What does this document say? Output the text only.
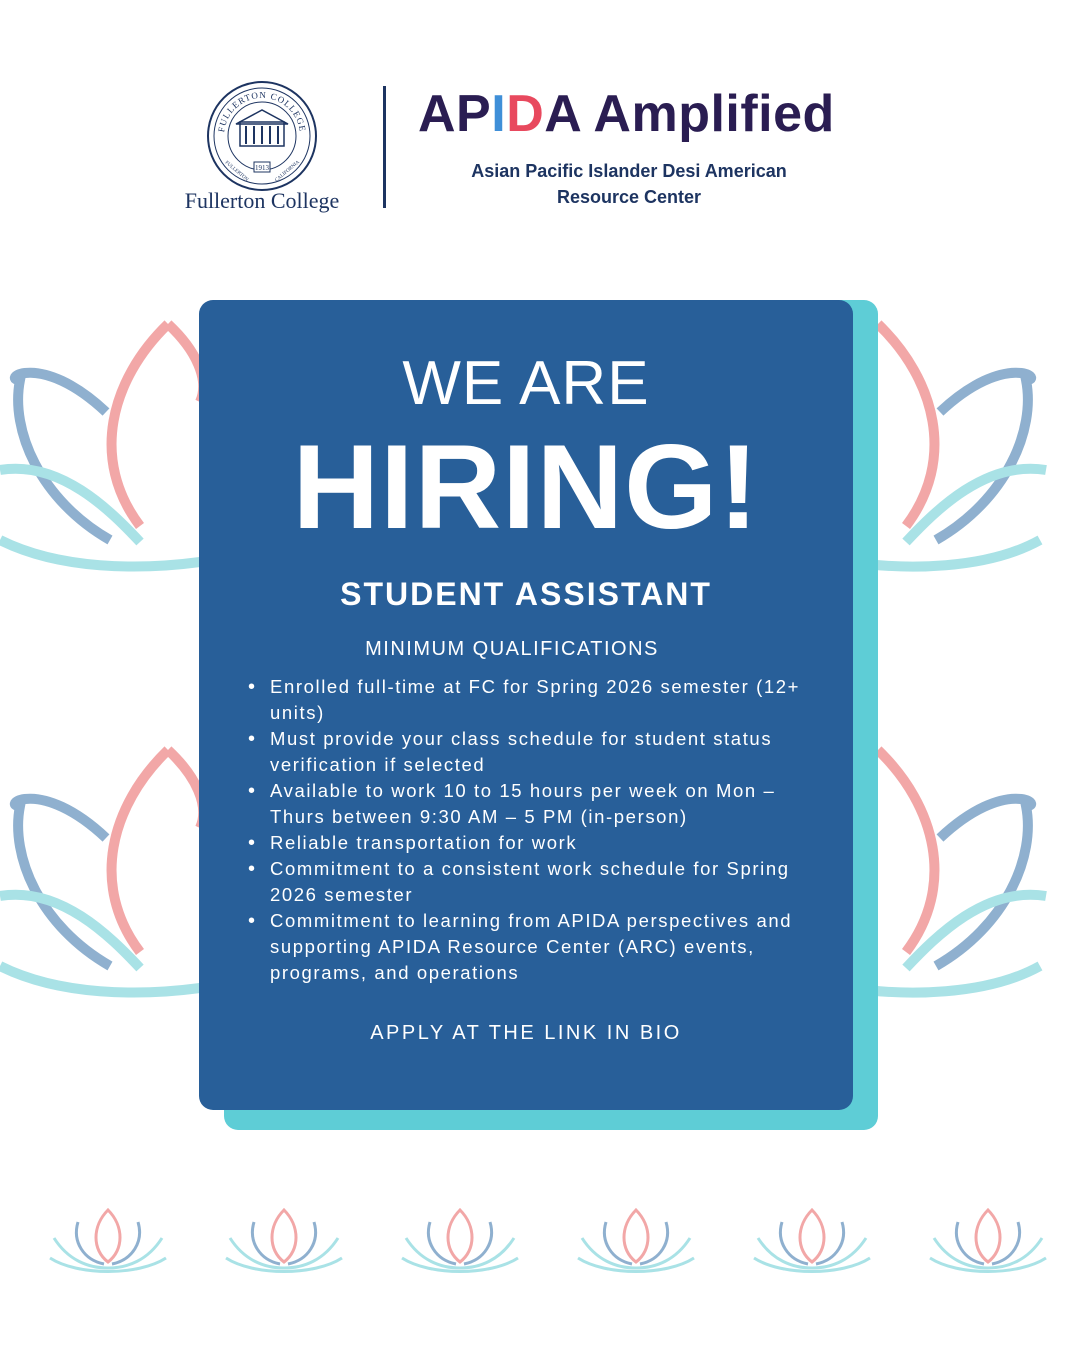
FULLERTON COLLEGE
1913
FULLERTON	CALIFORNIA
Fullerton College
APIDA Amplified
Asian Pacific Islander Desi American
Resource Center
WE ARE
HIRING!
STUDENT ASSISTANT
MINIMUM QUALIFICATIONS
• Enrolled full-time at FC for Spring 2026 semester (12+ units)
• Must provide your class schedule for student status verification if selected
• Available to work 10 to 15 hours per week on Mon – Thurs between 9:30 AM – 5 PM (in-person)
• Reliable transportation for work
• Commitment to a consistent work schedule for Spring 2026 semester
• Commitment to learning from APIDA perspectives and supporting APIDA Resource Center (ARC) events, programs, and operations
APPLY AT THE LINK IN BIO
